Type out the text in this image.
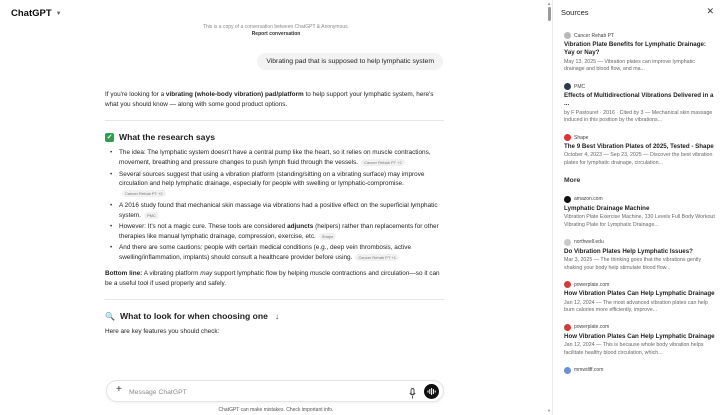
ChatGPT ▼
This is a copy of a conversation between ChatGPT & Anonymous.
Report conversation
Vibrating pad that is supposed to help lymphatic system

If you're looking for a vibrating (whole-body vibration) pad/platform to help support your lymphatic system, here's what you should know — along with some good product options.

✓ What the research says
• The idea: The lymphatic system doesn't have a central pump like the heart, so it relies on muscle contractions, movement, breathing and pressure changes to push lymph fluid through the vessels. Cancer Rehab PT +2
• Several sources suggest that using a vibration platform (standing/sitting on a vibrating surface) may improve circulation and help lymphatic drainage, especially for people with swelling or lymphatic-compromise.Cancer Rehab PT +2
• A 2016 study found that mechanical skin massage via vibrations had a positive effect on the superficial lymphatic system. PMC
• However: It's not a magic cure. These tools are considered adjuncts (helpers) rather than replacements for other therapies like manual lymphatic drainage, compression, exercise, etc. Shape
• And there are some cautions: people with certain medical conditions (e.g., deep vein thrombosis, active swelling/inflammation, implants) should consult a healthcare provider before using. Cancer Rehab PT +1

Bottom line: A vibrating platform may support lymphatic flow by helping muscle contractions and circulation—so it can be a useful tool if used properly and safely.

🔍 What to look for when choosing one ↓

Here are key features you should check:

+
Message ChatGPT
ChatGPT can make mistakes. Check important info.
▲
▼
Sources	✕
Cancer Rehab PT
Vibration Plate Benefits for Lymphatic Drainage: Yay or Nay?
May 13, 2025 — Vibration plates can improve lymphatic drainage and blood flow, and ma...
PMC
Effects of Multidirectional Vibrations Delivered in a ...
by F Pastouret · 2016 · Cited by 3 — Mechanical skin massage induced in this position by the vibrations...
Shape
The 9 Best Vibration Plates of 2025, Tested - Shape
October 4, 2023 — Sep 23, 2025 — Discover the best vibration plates for lymphatic drainage, circulation...
More
amazon.com
Lymphatic Drainage Machine
Vibration Plate Exercise Machine, 130 Levels Full Body Workout Vibrating Plate for Lymphatic Drainage...
northwell.edu
Do Vibration Plates Help Lymphatic Issues?
Mar 3, 2025 — The thinking goes that the vibrations gently shaking your body help stimulate blood flow...
powerplate.com
How Vibration Plates Can Help Lymphatic Drainage
Jan 12, 2024 — The most advanced vibration plates can help burn calories more efficiently, improve...
powerplate.com
How Vibration Plates Can Help Lymphatic Drainage
Jan 12, 2024 — This is because whole body vibration helps facilitate healthy blood circulation, which...
mmwdiff.com
